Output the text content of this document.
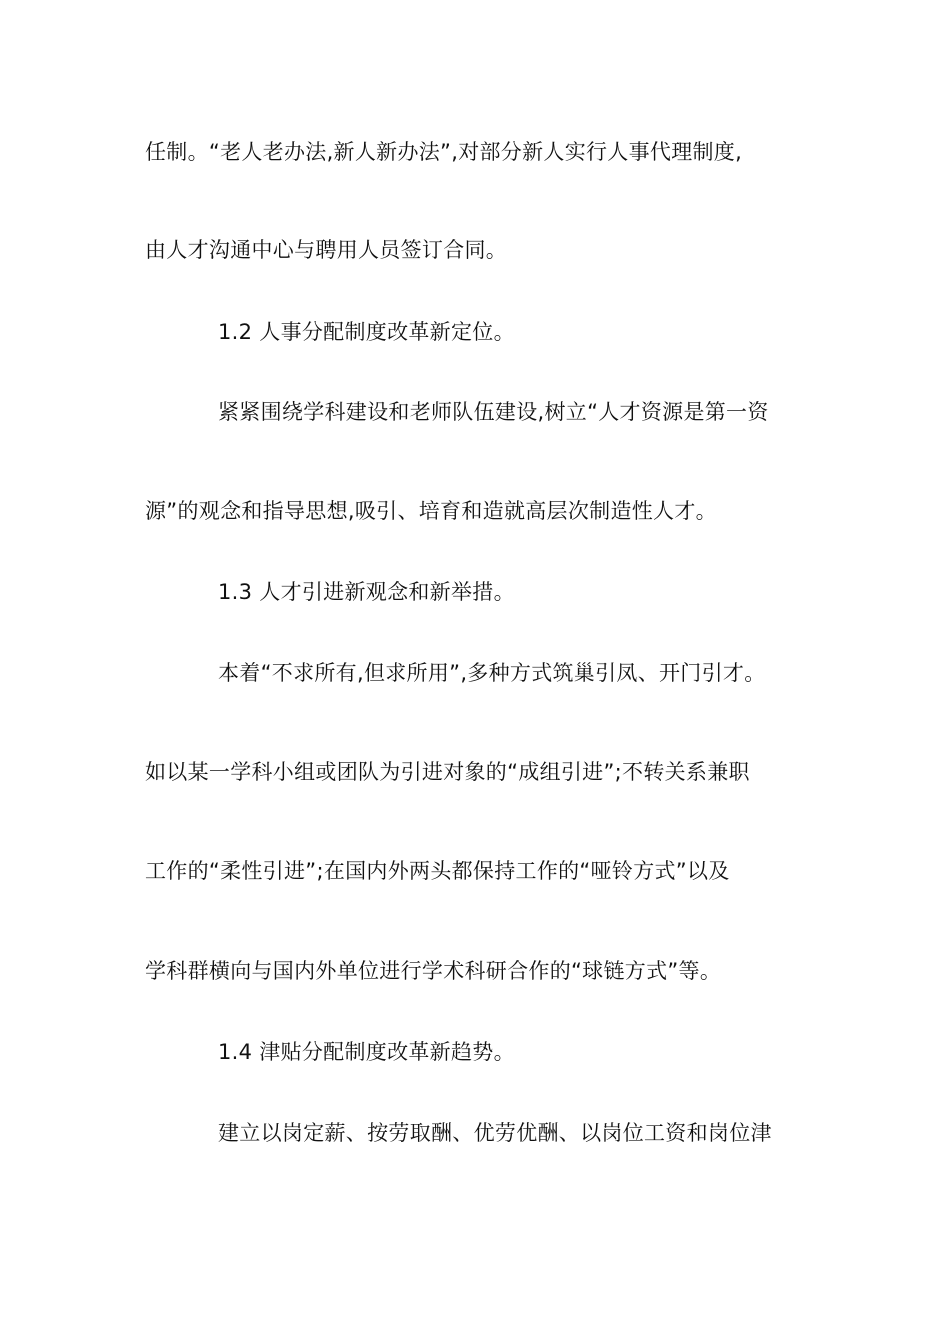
任制。“老人老办法,新人新办法”,对部分新人实行人事代理制度,
由人才沟通中心与聘用人员签订合同。
1.2 人事分配制度改革新定位。
紧紧围绕学科建设和老师队伍建设,树立“人才资源是第一资
源”的观念和指导思想,吸引、培育和造就高层次制造性人才。
1.3 人才引进新观念和新举措。
本着“不求所有,但求所用”,多种方式筑巢引凤、开门引才。
如以某一学科小组或团队为引进对象的“成组引进”;不转关系兼职
工作的“柔性引进”;在国内外两头都保持工作的“哑铃方式”以及
学科群横向与国内外单位进行学术科研合作的“球链方式”等。
1.4 津贴分配制度改革新趋势。
建立以岗定薪、按劳取酬、优劳优酬、以岗位工资和岗位津
